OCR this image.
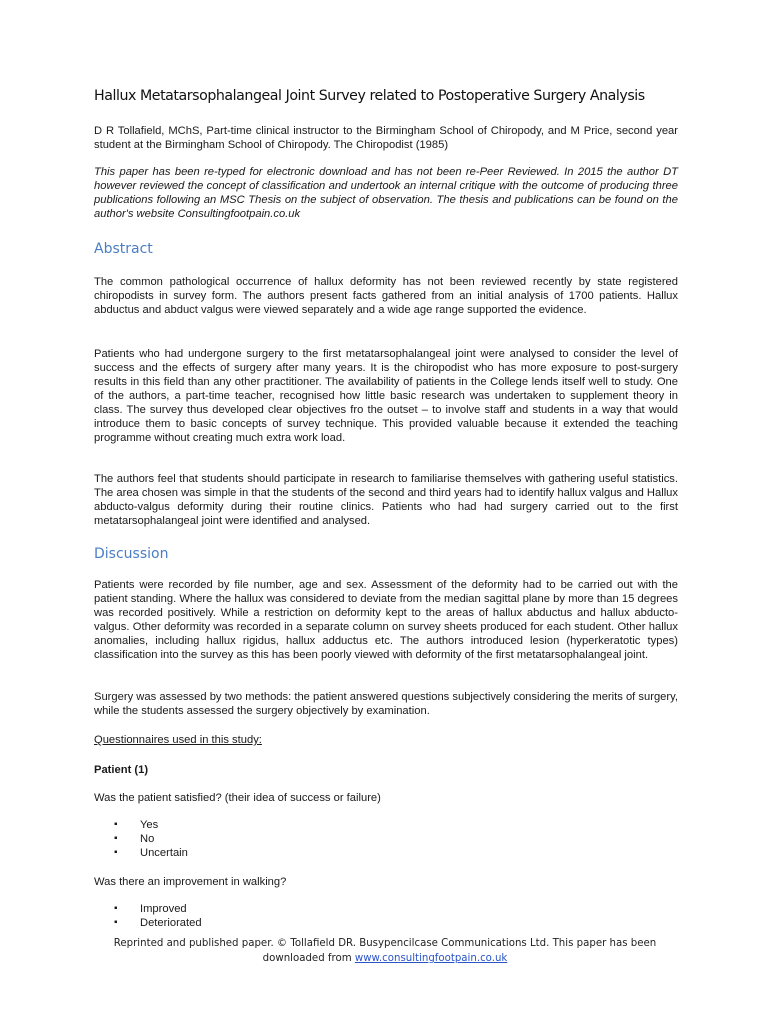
Hallux Metatarsophalangeal Joint Survey related to Postoperative Surgery Analysis
D R Tollafield, MChS, Part-time clinical instructor to the Birmingham School of Chiropody, and M Price, second year student at the Birmingham School of Chiropody. The Chiropodist (1985)
This paper has been re-typed for electronic download and has not been re-Peer Reviewed. In 2015 the author DT however reviewed the concept of classification and undertook an internal critique with the outcome of producing three publications following an MSC Thesis on the subject of observation. The thesis and publications can be found on the author's website Consultingfootpain.co.uk
Abstract
The common pathological occurrence of hallux deformity has not been reviewed recently by state registered chiropodists in survey form. The authors present facts gathered from an initial analysis of 1700 patients. Hallux abductus and abduct valgus were viewed separately and a wide age range supported the evidence.
Patients who had undergone surgery to the first metatarsophalangeal joint were analysed to consider the level of success and the effects of surgery after many years. It is the chiropodist who has more exposure to post-surgery results in this field than any other practitioner. The availability of patients in the College lends itself well to study. One of the authors, a part-time teacher, recognised how little basic research was undertaken to supplement theory in class. The survey thus developed clear objectives fro the outset – to involve staff and students in a way that would introduce them to basic concepts of survey technique. This provided valuable because it extended the teaching programme without creating much extra work load.
The authors feel that students should participate in research to familiarise themselves with gathering useful statistics. The area chosen was simple in that the students of the second and third years had to identify hallux valgus and Hallux abducto-valgus deformity during their routine clinics. Patients who had had surgery carried out to the first metatarsophalangeal joint were identified and analysed.
Discussion
Patients were recorded by file number, age and sex. Assessment of the deformity had to be carried out with the patient standing. Where the hallux was considered to deviate from the median sagittal plane by more than 15 degrees was recorded positively. While a restriction on deformity kept to the areas of hallux abductus and hallux abducto-valgus. Other deformity was recorded in a separate column on survey sheets produced for each student. Other hallux anomalies, including hallux rigidus, hallux adductus etc. The authors introduced lesion (hyperkeratotic types) classification into the survey as this has been poorly viewed with deformity of the first metatarsophalangeal joint.
Surgery was assessed by two methods: the patient answered questions subjectively considering the merits of surgery, while the students assessed the surgery objectively by examination.
Questionnaires used in this study:
Patient (1)
Was the patient satisfied? (their idea of success or failure)
▪ Yes
▪ No
▪ Uncertain
Was there an improvement in walking?
▪ Improved
▪ Deteriorated
Reprinted and published paper. © Tollafield DR. Busypencilcase Communications Ltd. This paper has been
downloaded from www.consultingfootpain.co.uk
